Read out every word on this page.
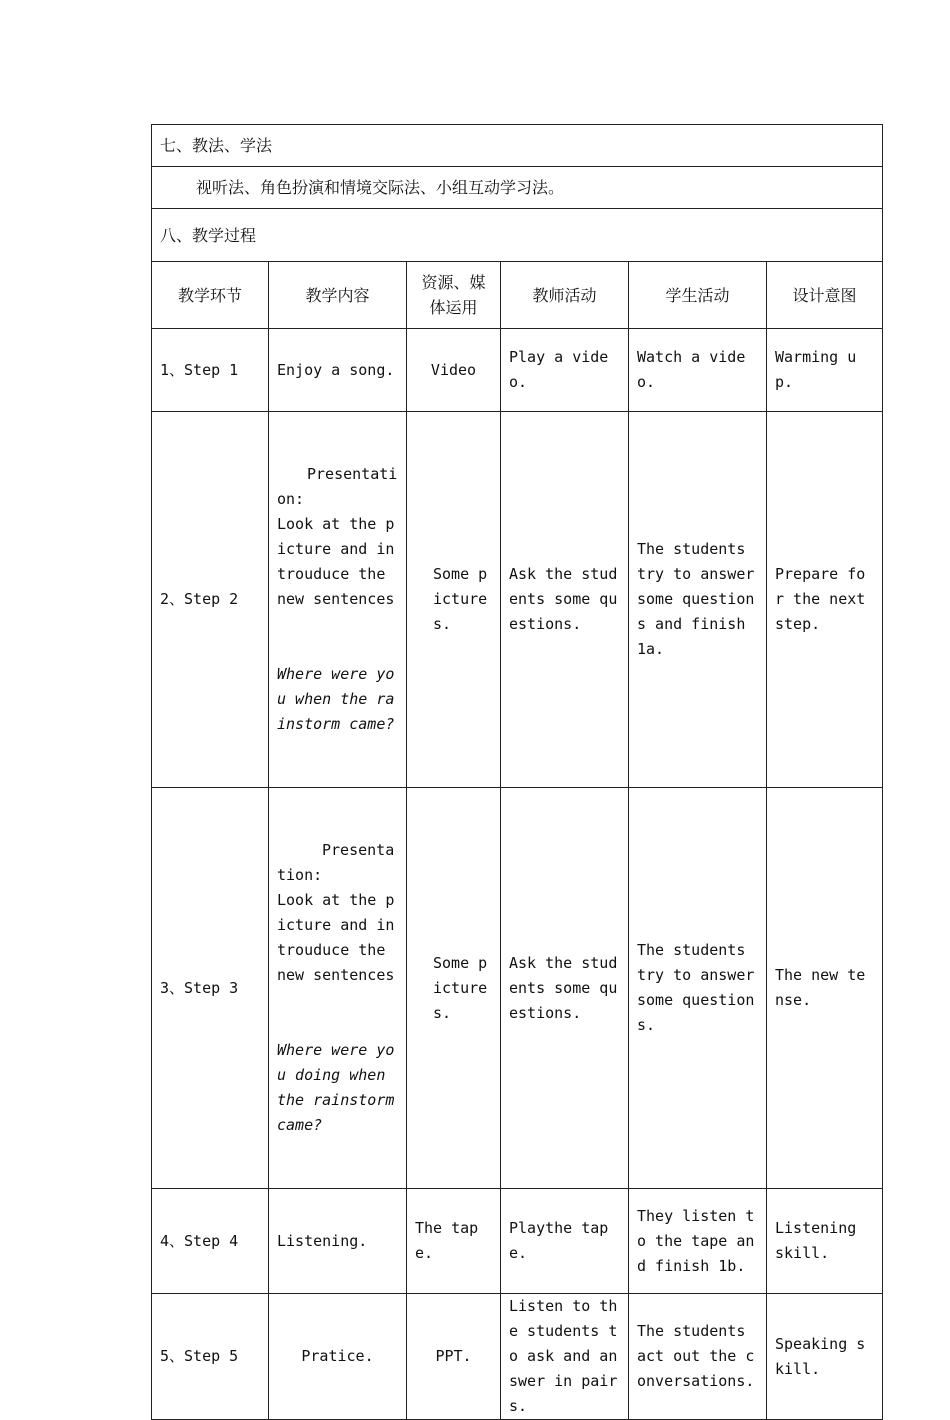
七、教法、学法					
视听法、角色扮演和情境交际法、小组互动学习法。					
八、教学过程					
教学环节	教学内容	资源、媒体运用	教师活动	学生活动	设计意图
1、Step 1	Enjoy a song.	Video	Play a video.	Watch a video.	Warming up.
2、Step 2	Presentation:
Look at the picture and introuduce the new sentences

Where were you when the rainstorm came?	Some pictures.	Ask the students some questions.	The students try to answer some questions and finish 1a.	Prepare for the next step.
3、Step 3	Presentation:
Look at the picture and introuduce the new sentences

Where were you doing when the rainstorm came?	Some pictures.	Ask the students some questions.	The students try to answer some questions.	The new tense.
4、Step 4	Listening.	The tape.	Playthe tape.	They listen to the tape and finish 1b.	Listening skill.
5、Step 5	Pratice.	PPT.	Listen to the students to ask and answer in pairs.	The students act out the conversations.	Speaking skill.
